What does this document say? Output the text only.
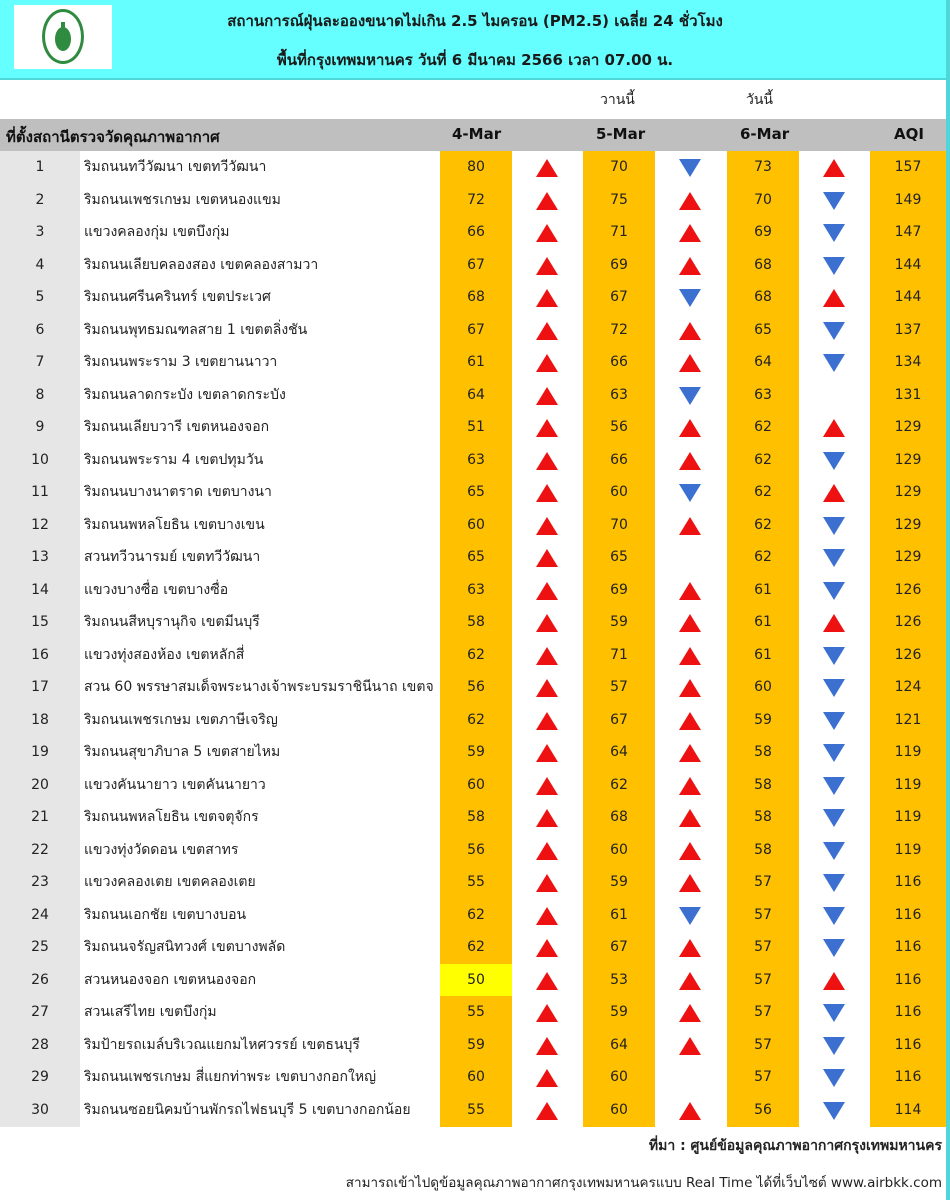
สถานการณ์ฝุ่นละอองขนาดไม่เกิน 2.5 ไมครอน (PM2.5) เฉลี่ย 24 ชั่วโมง
พื้นที่กรุงเทพมหานคร วันที่ 6 มีนาคม 2566 เวลา 07.00 น.
วานนี้	วันนี้
ที่ตั้งสถานีตรวจวัดคุณภาพอากาศ	4-Mar	5-Mar	6-Mar	AQI
1	ริมถนนทวีวัฒนา เขตทวีวัฒนา	80	70	73	157
2	ริมถนนเพชรเกษม เขตหนองแขม	72	75	70	149
3	แขวงคลองกุ่ม เขตบึงกุ่ม	66	71	69	147
4	ริมถนนเลียบคลองสอง เขตคลองสามวา	67	69	68	144
5	ริมถนนศรีนครินทร์ เขตประเวศ	68	67	68	144
6	ริมถนนพุทธมณฑลสาย 1 เขตตลิ่งชัน	67	72	65	137
7	ริมถนนพระราม 3 เขตยานนาวา	61	66	64	134
8	ริมถนนลาดกระบัง เขตลาดกระบัง	64	63	63	131
9	ริมถนนเลียบวารี เขตหนองจอก	51	56	62	129
10	ริมถนนพระราม 4 เขตปทุมวัน	63	66	62	129
11	ริมถนนบางนาตราด เขตบางนา	65	60	62	129
12	ริมถนนพหลโยธิน เขตบางเขน	60	70	62	129
13	สวนทวีวนารมย์ เขตทวีวัฒนา	65	65	62	129
14	แขวงบางซื่อ เขตบางซื่อ	63	69	61	126
15	ริมถนนสีหบุรานุกิจ เขตมีนบุรี	58	59	61	126
16	แขวงทุ่งสองห้อง เขตหลักสี่	62	71	61	126
17	สวน 60 พรรษาสมเด็จพระนางเจ้าพระบรมราชินีนาถ เขตจ	56	57	60	124
18	ริมถนนเพชรเกษม เขตภาษีเจริญ	62	67	59	121
19	ริมถนนสุขาภิบาล 5 เขตสายไหม	59	64	58	119
20	แขวงคันนายาว เขตคันนายาว	60	62	58	119
21	ริมถนนพหลโยธิน เขตจตุจักร	58	68	58	119
22	แขวงทุ่งวัดดอน เขตสาทร	56	60	58	119
23	แขวงคลองเตย เขตคลองเตย	55	59	57	116
24	ริมถนนเอกชัย เขตบางบอน	62	61	57	116
25	ริมถนนจรัญสนิทวงศ์ เขตบางพลัด	62	67	57	116
26	สวนหนองจอก เขตหนองจอก	50	53	57	116
27	สวนเสรีไทย เขตบึงกุ่ม	55	59	57	116
28	ริมป้ายรถเมล์บริเวณแยกมไหศวรรย์ เขตธนบุรี	59	64	57	116
29	ริมถนนเพชรเกษม สี่แยกท่าพระ เขตบางกอกใหญ่	60	60	57	116
30	ริมถนนซอยนิคมบ้านพักรถไฟธนบุรี 5 เขตบางกอกน้อย	55	60	56	114
ที่มา : ศูนย์ข้อมูลคุณภาพอากาศกรุงเทพมหานคร
สามารถเข้าไปดูข้อมูลคุณภาพอากาศกรุงเทพมหานครแบบ Real Time ได้ที่เว็บไซต์ www.airbkk.com
